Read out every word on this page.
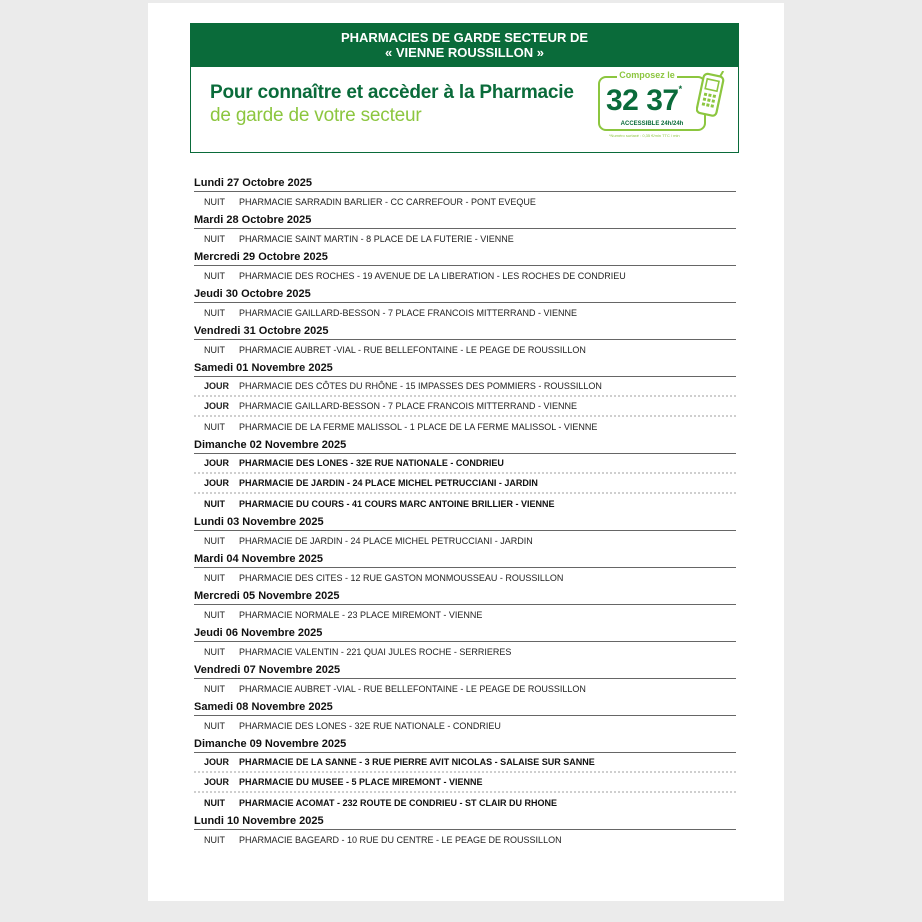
PHARMACIES DE GARDE SECTEUR DE
« VIENNE ROUSSILLON »
Pour connaître et accèder à la Pharmacie
de garde de votre secteur
Composez le
32 37*
ACCESSIBLE 24h/24h
*Numéro surtaxé : 0,35 €/min TTC / min
Lundi 27 Octobre 2025
NUIT	PHARMACIE SARRADIN BARLIER - CC CARREFOUR - PONT EVEQUE
Mardi 28 Octobre 2025
NUIT	PHARMACIE SAINT MARTIN - 8 PLACE DE LA FUTERIE - VIENNE
Mercredi 29 Octobre 2025
NUIT	PHARMACIE DES ROCHES - 19 AVENUE DE LA LIBERATION - LES ROCHES DE CONDRIEU
Jeudi 30 Octobre 2025
NUIT	PHARMACIE GAILLARD-BESSON - 7 PLACE FRANCOIS MITTERRAND - VIENNE
Vendredi 31 Octobre 2025
NUIT	PHARMACIE AUBRET -VIAL - RUE BELLEFONTAINE - LE PEAGE DE ROUSSILLON
Samedi 01 Novembre 2025
JOUR	PHARMACIE DES CÔTES DU RHÔNE - 15 IMPASSES DES POMMIERS - ROUSSILLON
JOUR	PHARMACIE GAILLARD-BESSON - 7 PLACE FRANCOIS MITTERRAND - VIENNE
NUIT	PHARMACIE DE LA FERME MALISSOL - 1 PLACE DE LA FERME MALISSOL - VIENNE
Dimanche 02 Novembre 2025
JOUR	PHARMACIE DES LONES - 32E RUE NATIONALE - CONDRIEU
JOUR	PHARMACIE DE JARDIN - 24 PLACE MICHEL PETRUCCIANI - JARDIN
NUIT	PHARMACIE DU COURS - 41 COURS MARC ANTOINE BRILLIER - VIENNE
Lundi 03 Novembre 2025
NUIT	PHARMACIE DE JARDIN - 24 PLACE MICHEL PETRUCCIANI - JARDIN
Mardi 04 Novembre 2025
NUIT	PHARMACIE DES CITES - 12 RUE GASTON MONMOUSSEAU - ROUSSILLON
Mercredi 05 Novembre 2025
NUIT	PHARMACIE NORMALE - 23 PLACE MIREMONT - VIENNE
Jeudi 06 Novembre 2025
NUIT	PHARMACIE VALENTIN - 221 QUAI JULES ROCHE - SERRIERES
Vendredi 07 Novembre 2025
NUIT	PHARMACIE AUBRET -VIAL - RUE BELLEFONTAINE - LE PEAGE DE ROUSSILLON
Samedi 08 Novembre 2025
NUIT	PHARMACIE DES LONES - 32E RUE NATIONALE - CONDRIEU
Dimanche 09 Novembre 2025
JOUR	PHARMACIE DE LA SANNE - 3 RUE PIERRE AVIT NICOLAS - SALAISE SUR SANNE
JOUR	PHARMACIE DU MUSEE - 5 PLACE MIREMONT - VIENNE
NUIT	PHARMACIE ACOMAT - 232 ROUTE DE CONDRIEU - ST CLAIR DU RHONE
Lundi 10 Novembre 2025
NUIT	PHARMACIE BAGEARD - 10 RUE DU CENTRE - LE PEAGE DE ROUSSILLON
